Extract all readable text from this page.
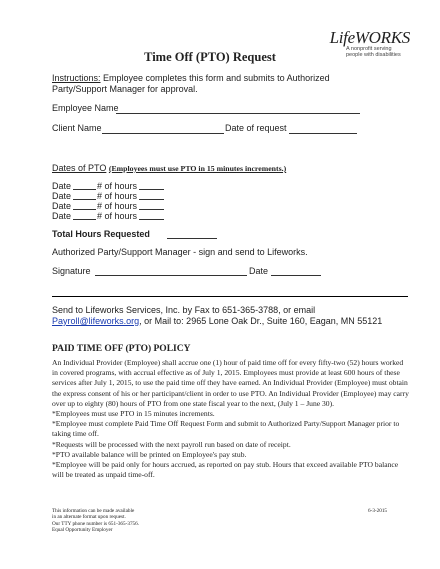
LifeWORKS
A nonprofit serving people with disabilities
Time Off (PTO) Request
Instructions: Employee completes this form and submits to Authorized
Party/Support Manager for approval.
Employee Name
Client Name	Date of request
Dates of PTO (Employees must use PTO in 15 minutes increments.)
Date	# of hours
Date	# of hours
Date	# of hours
Date	# of hours
Total Hours Requested
Authorized Party/Support Manager - sign and send to Lifeworks.
Signature	Date
Send to Lifeworks Services, Inc. by Fax to 651-365-3788, or email
Payroll@lifeworks.org, or Mail to: 2965 Lone Oak Dr., Suite 160, Eagan, MN 55121
PAID TIME OFF (PTO) POLICY
An Individual Provider (Employee) shall accrue one (1) hour of paid time off for every fifty-two (52) hours worked in covered programs, with accrual effective as of July 1, 2015. Employees must provide at least 600 hours of these services after July 1, 2015, to use the paid time off they have earned. An Individual Provider (Employee) must obtain the express consent of his or her participant/client in order to use PTO. An Individual Provider (Employee) may carry over up to eighty (80) hours of PTO from one state fiscal year to the next, (July 1 – June 30).
*Employees must use PTO in 15 minutes increments.
*Employee must complete Paid Time Off Request Form and submit to Authorized Party/Support Manager prior to taking time off.
*Requests will be processed with the next payroll run based on date of receipt.
*PTO available balance will be printed on Employee's pay stub.
*Employee will be paid only for hours accrued, as reported on pay stub. Hours that exceed available PTO balance will be treated as unpaid time-off.
This information can be made available
in an alternate format upon request.
Our TTY phone number is 651-365-3756.
Equal Opportunity Employer
6-3-2015
